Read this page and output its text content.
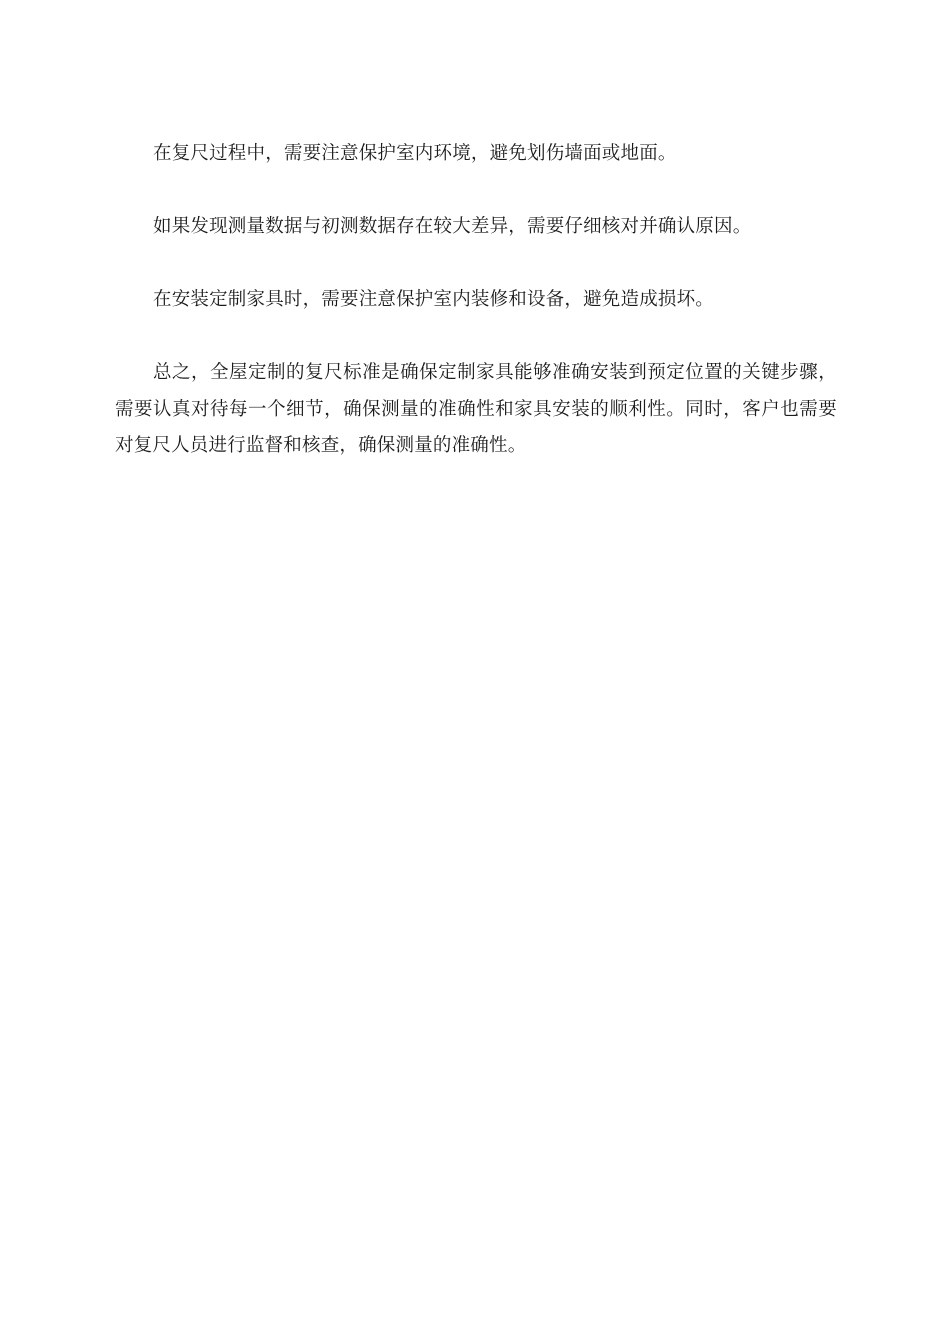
在复尺过程中，需要注意保护室内环境，避免划伤墙面或地面。

如果发现测量数据与初测数据存在较大差异，需要仔细核对并确认原因。

在安装定制家具时，需要注意保护室内装修和设备，避免造成损坏。

总之，全屋定制的复尺标准是确保定制家具能够准确安装到预定位置的关键步骤，需要认真对待每一个细节，确保测量的准确性和家具安装的顺利性。同时，客户也需要对复尺人员进行监督和核查，确保测量的准确性。
